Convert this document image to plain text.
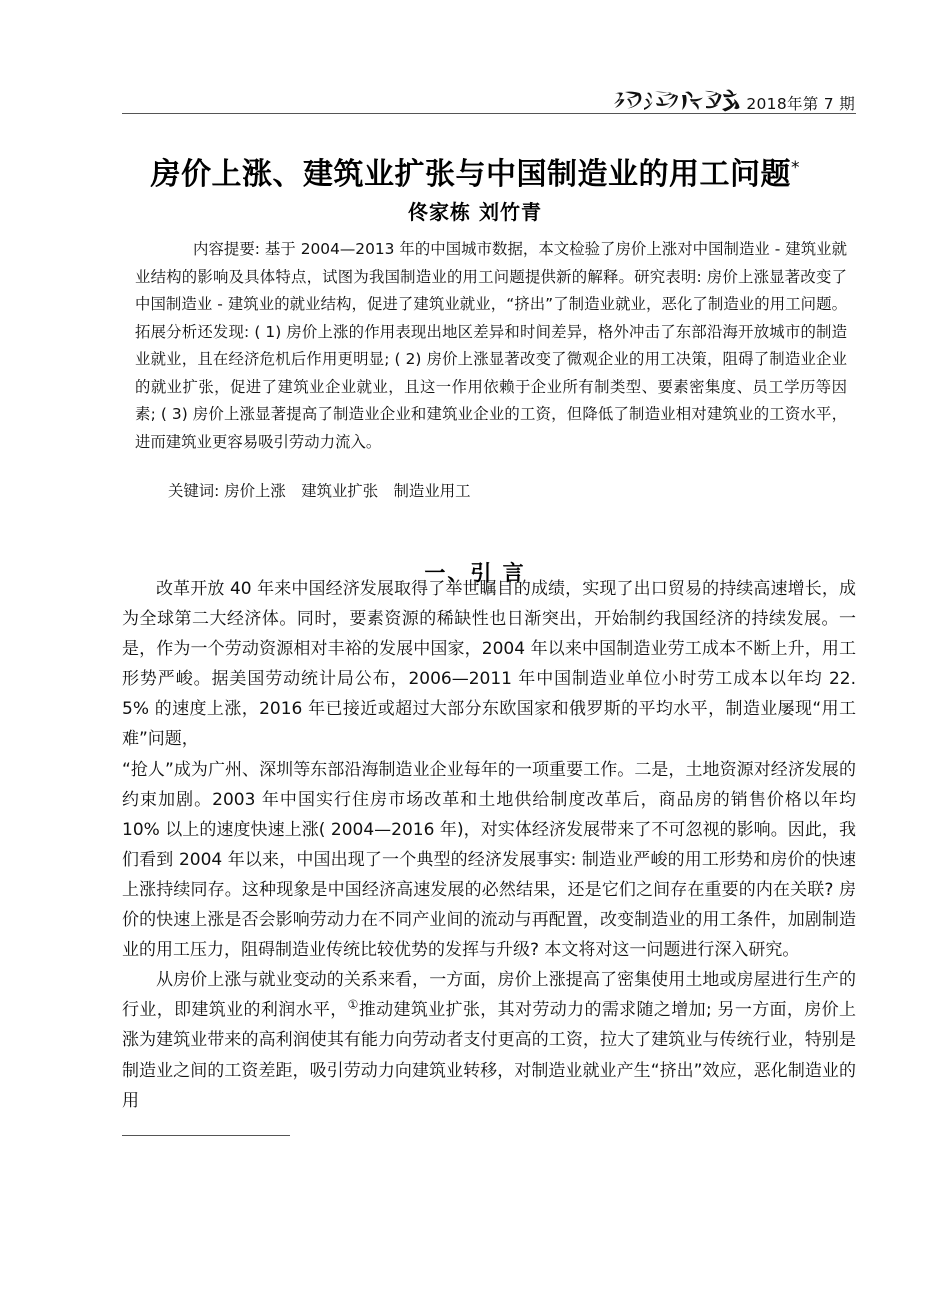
2018年第 7 期
房价上涨、建筑业扩张与中国制造业的用工问题*
佟家栋 刘竹青

内容提要: 基于 2004—2013 年的中国城市数据，本文检验了房价上涨对中国制造业 - 建筑业就业结构的影响及具体特点，试图为我国制造业的用工问题提供新的解释。研究表明: 房价上涨显著改变了中国制造业 - 建筑业的就业结构，促进了建筑业就业，“挤出”了制造业就业，恶化了制造业的用工问题。拓展分析还发现: ( 1) 房价上涨的作用表现出地区差异和时间差异，格外冲击了东部沿海开放城市的制造业就业，且在经济危机后作用更明显; ( 2) 房价上涨显著改变了微观企业的用工决策，阻碍了制造业企业的就业扩张，促进了建筑业企业就业，且这一作用依赖于企业所有制类型、要素密集度、员工学历等因素; ( 3) 房价上涨显著提高了制造业企业和建筑业企业的工资，但降低了制造业相对建筑业的工资水平，进而建筑业更容易吸引劳动力流入。

关键词: 房价上涨　建筑业扩张　制造业用工
一、引 言

改革开放 40 年来中国经济发展取得了举世瞩目的成绩，实现了出口贸易的持续高速增长，成为全球第二大经济体。同时，要素资源的稀缺性也日渐突出，开始制约我国经济的持续发展。一是，作为一个劳动资源相对丰裕的发展中国家，2004 年以来中国制造业劳工成本不断上升，用工形势严峻。据美国劳动统计局公布，2006—2011 年中国制造业单位小时劳工成本以年均 22. 5% 的速度上涨，2016 年已接近或超过大部分东欧国家和俄罗斯的平均水平，制造业屡现“用工难”问题，

“抢人”成为广州、深圳等东部沿海制造业企业每年的一项重要工作。二是，土地资源对经济发展的约束加剧。2003 年中国实行住房市场改革和土地供给制度改革后，商品房的销售价格以年均 10% 以上的速度快速上涨( 2004—2016 年)，对实体经济发展带来了不可忽视的影响。因此，我们看到 2004 年以来，中国出现了一个典型的经济发展事实: 制造业严峻的用工形势和房价的快速上涨持续同存。这种现象是中国经济高速发展的必然结果，还是它们之间存在重要的内在关联? 房价的快速上涨是否会影响劳动力在不同产业间的流动与再配置，改变制造业的用工条件，加剧制造业的用工压力，阻碍制造业传统比较优势的发挥与升级? 本文将对这一问题进行深入研究。

从房价上涨与就业变动的关系来看，一方面，房价上涨提高了密集使用土地或房屋进行生产的行业，即建筑业的利润水平，①推动建筑业扩张，其对劳动力的需求随之增加; 另一方面，房价上涨为建筑业带来的高利润使其有能力向劳动者支付更高的工资，拉大了建筑业与传统行业，特别是制造业之间的工资差距，吸引劳动力向建筑业转移，对制造业就业产生“挤出”效应，恶化制造业的用
